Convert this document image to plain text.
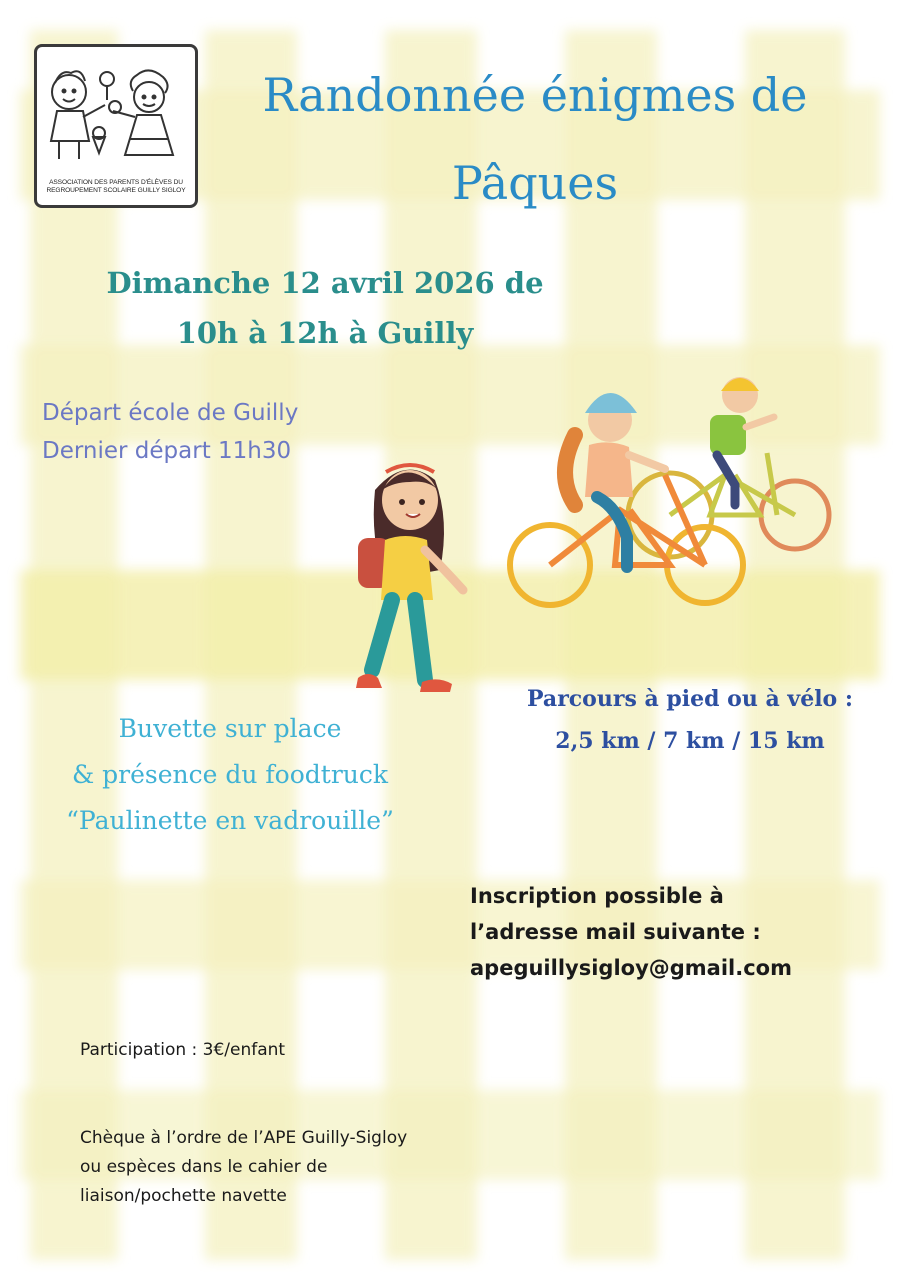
ASSOCIATION DES PARENTS D'ÉLÈVES DU
REGROUPEMENT SCOLAIRE GUILLY SIGLOY
Randonnée énigmes de
Pâques
Dimanche 12 avril 2026 de
10h à 12h à Guilly
Départ école de Guilly
Dernier départ 11h30
Parcours à pied ou à vélo :
2,5 km / 7 km / 15 km
Buvette sur place
& présence du foodtruck
“Paulinette en vadrouille”
Inscription possible à
l’adresse mail suivante :
apeguillysigloy@gmail.com
Participation : 3€/enfant
Chèque à l’ordre de l’APE Guilly-Sigloy
ou espèces dans le cahier de
liaison/pochette navette
